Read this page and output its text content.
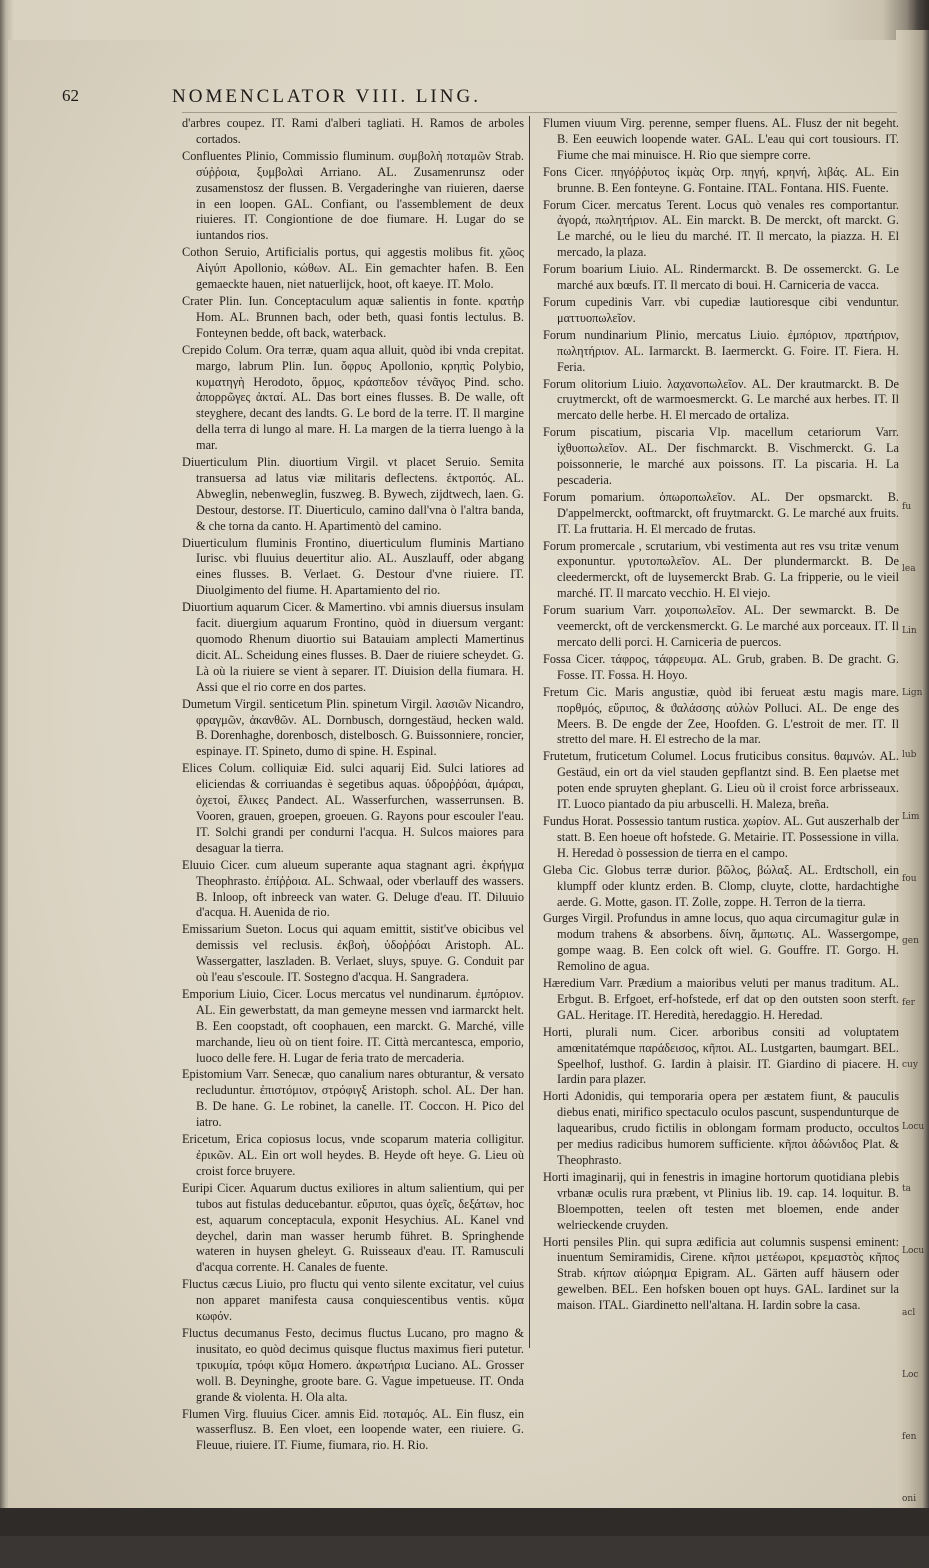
fu
lea
Lin
Lign
lub
Lim
fou
gen
fer
cuy
Locu
ta
Locu
acl
Loc
fen
oni
Loc
62	NOMENCLATOR VIII. LING.

d'arbres coupez. IT. Rami d'alberi tagliati. H. Ramos de arboles cortados.

Confluentes Plinio, Commissio fluminum. συμβολὴ ποταμῶν Strab. σύῤῥοια, ξυμβολαὶ Arriano. AL. Zusamenrunsz oder zusamenstosz der flussen. B. Vergaderinghe van riuieren, daerse in een loopen. GAL. Confiant, ou l'assemblement de deux riuieres. IT. Congiontione de doe fiumare. H. Lugar do se iuntandos rios.

Cothon Seruio, Artificialis portus, qui aggestis molibus fit. χῶος Αἰγύπ Apollonio, κώθων. AL. Ein gemachter hafen. B. Een gemaeckte hauen, niet natuerlijck, hoot, oft kaeye. IT. Molo.

Crater Plin. Iun. Conceptaculum aquæ salientis in fonte. κρατὴρ Hom. AL. Brunnen bach, oder beth, quasi fontis lectulus. B. Fonteynen bedde, oft back, waterback.

Crepido Colum. Ora terræ, quam aqua alluit, quòd ibi vnda crepitat. margo, labrum Plin. Iun. ὄφρυς Apollonio, κρηπὶς Polybio, κυματηγὴ Herodoto, ὅρμος, κράσπεδον τένᾶγος Pind. scho. ἀπορρῶγες ἀκταί. AL. Das bort eines flusses. B. De walle, oft steyghere, decant des landts. G. Le bord de la terre. IT. Il margine della terra di lungo al mare. H. La margen de la tierra luengo à la mar.

Diuerticulum Plin. diuortium Virgil. vt placet Seruio. Semita transuersa ad latus viæ militaris deflectens. ἐκτροπός. AL. Abweglin, nebenweglin, fuszweg. B. Bywech, zijdtwech, laen. G. Destour, destorse. IT. Diuerticulo, camino dall'vna ò l'altra banda, & che torna da canto. H. Apartimentò del camino.

Diuerticulum fluminis Frontino, diuerticulum fluminis Martiano Iurisc. vbi fluuius deuertitur alio. AL. Auszlauff, oder abgang eines flusses. B. Verlaet. G. Destour d'vne riuiere. IT. Diuolgimento del fiume. H. Apartamiento del rio.

Diuortium aquarum Cicer. & Mamertino. vbi amnis diuersus insulam facit. diuergium aquarum Frontino, quòd in diuersum vergant: quomodo Rhenum diuortio sui Batauiam amplecti Mamertinus dicit. AL. Scheidung eines flusses. B. Daer de riuiere scheydet. G. Là où la riuiere se vient à separer. IT. Diuision della fiumara. H. Assi que el rio corre en dos partes.

Dumetum Virgil. senticetum Plin. spinetum Virgil. λασιῶν Nicandro, φραγμῶν, ἀκανθῶν. AL. Dornbusch, dorngestäud, hecken wald. B. Dorenhaghe, dorenbosch, distelbosch. G. Buissonniere, roncier, espinaye. IT. Spineto, dumo di spine. H. Espinal.

Elices Colum. colliquiæ Eid. sulci aquarij Eid. Sulci latiores ad eliciendas & corriuandas è segetibus aquas. ὑδροῤῥόαι, ἀμάραι, ὀχετοί, ἕλικες Pandect. AL. Wasserfurchen, wasserrunsen. B. Vooren, grauen, groepen, groeuen. G. Rayons pour escouler l'eau. IT. Solchi grandi per condurni l'acqua. H. Sulcos maiores para desaguar la tierra.

Eluuio Cicer. cum alueum superante aqua stagnant agri. ἐκρήγμα Theophrasto. ἐπίῤῥοια. AL. Schwaal, oder vberlauff des wassers. B. Inloop, oft inbreeck van water. G. Deluge d'eau. IT. Diluuio d'acqua. H. Auenida de rio.

Emissarium Sueton. Locus qui aquam emittit, sistit've obicibus vel demissis vel reclusis. ἐκβοὴ, ὑδοῤῥόαι Aristoph. AL. Wassergatter, laszladen. B. Verlaet, sluys, spuye. G. Conduit par où l'eau s'escoule. IT. Sostegno d'acqua. H. Sangradera.

Emporium Liuio, Cicer. Locus mercatus vel nundinarum. ἐμπόριον. AL. Ein gewerbstatt, da man gemeyne messen vnd iarmarckt helt. B. Een coopstadt, oft coophauen, een marckt. G. Marché, ville marchande, lieu où on tient foire. IT. Città mercantesca, emporio, luoco delle fere. H. Lugar de feria trato de mercaderia.

Epistomium Varr. Senecæ, quo canalium nares obturantur, & versato recluduntur. ἐπιστόμιον, στρόφιγξ Aristoph. schol. AL. Der han. B. De hane. G. Le robinet, la canelle. IT. Coccon. H. Pico del iatro.

Ericetum, Erica copiosus locus, vnde scoparum materia colligitur. ἐρικῶν. AL. Ein ort woll heydes. B. Heyde oft heye. G. Lieu où croist force bruyere.

Euripi Cicer. Aquarum ductus exiliores in altum salientium, qui per tubos aut fistulas deducebantur. εὔριποι, quas ὀχεῖς, δεξάτων, hoc est, aquarum conceptacula, exponit Hesychius. AL. Kanel vnd deychel, darin man wasser herumb führet. B. Springhende wateren in huysen gheleyt. G. Ruisseaux d'eau. IT. Ramusculi d'acqua corrente. H. Canales de fuente.

Fluctus cæcus Liuio, pro fluctu qui vento silente excitatur, vel cuius non apparet manifesta causa conquiescentibus ventis. κῦμα κωφόν.

Fluctus decumanus Festo, decimus fluctus Lucano, pro magno & inusitato, eo quòd decimus quisque fluctus maximus fieri putetur. τρικυμία, τρόφι κῦμα Homero. ἀκρωτήρια Luciano. AL. Grosser woll. B. Deyninghe, groote bare. G. Vague impetueuse. IT. Onda grande & violenta. H. Ola alta.

Flumen Virg. fluuius Cicer. amnis Eid. ποταμός. AL. Ein flusz, ein wasserflusz. B. Een vloet, een loopende water, een riuiere. G. Fleuue, riuiere. IT. Fiume, fiumara, rio. H. Rio.

Flumen viuum Virg. perenne, semper fluens. AL. Flusz der nit begeht. B. Een eeuwich loopende water. GAL. L'eau qui cort tousiours. IT. Fiume che mai minuisce. H. Rio que siempre corre.

Fons Cicer. πηγόῤῥυτος ἰκμὰς Orp. πηγή, κρηνή, λιβάς. AL. Ein brunne. B. Een fonteyne. G. Fontaine. ITAL. Fontana. HIS. Fuente.

Forum Cicer. mercatus Terent. Locus quò venales res comportantur. ἀγορά, πωλητήριον. AL. Ein marckt. B. De merckt, oft marckt. G. Le marché, ou le lieu du marché. IT. Il mercato, la piazza. H. El mercado, la plaza.

Forum boarium Liuio. AL. Rindermarckt. B. De ossemerckt. G. Le marché aux bœufs. IT. Il mercato di boui. H. Carniceria de vacca.

Forum cupedinis Varr. vbi cupediæ lautioresque cibi venduntur. ματτυοπωλεῖον.

Forum nundinarium Plinio, mercatus Liuio. ἐμπόριον, πρατήριον, πωλητήριον. AL. Iarmarckt. B. Iaermerckt. G. Foire. IT. Fiera. H. Feria.

Forum olitorium Liuio. λαχανοπωλεῖον. AL. Der krautmarckt. B. De cruytmerckt, oft de warmoesmerckt. G. Le marché aux herbes. IT. Il mercato delle herbe. H. El mercado de ortaliza.

Forum piscatium, piscaria Vlp. macellum cetariorum Varr. ἰχθυοπωλεῖον. AL. Der fischmarckt. B. Vischmerckt. G. La poissonnerie, le marché aux poissons. IT. La piscaria. H. La pescaderia.

Forum pomarium. ὀπωροπωλεῖον. AL. Der opsmarckt. B. D'appelmerckt, ooftmarckt, oft fruytmarckt. G. Le marché aux fruits. IT. La fruttaria. H. El mercado de frutas.

Forum promercale , scrutarium, vbi vestimenta aut res vsu tritæ venum exponuntur. γρυτοπωλεῖον. AL. Der plundermarckt. B. De cleedermerckt, oft de luysemerckt Brab. G. La fripperie, ou le vieil marché. IT. Il marcato vecchio. H. El viejo.

Forum suarium Varr. χοιροπωλεῖον. AL. Der sewmarckt. B. De veemerckt, oft de verckensmerckt. G. Le marché aux porceaux. IT. Il mercato delli porci. H. Carniceria de puercos.

Fossa Cicer. τάφρος, τάφρευμα. AL. Grub, graben. B. De gracht. G. Fosse. IT. Fossa. H. Hoyo.

Fretum Cic. Maris angustiæ, quòd ibi ferueat æstu magis mare. πορθμός, εὔριπος, & ϑαλάσσης αὐλὼν Polluci. AL. De enge des Meers. B. De engde der Zee, Hoofden. G. L'estroit de mer. IT. Il stretto del mare. H. El estrecho de la mar.

Frutetum, fruticetum Columel. Locus fruticibus consitus. θαμνών. AL. Gestäud, ein ort da viel stauden gepflantzt sind. B. Een plaetse met poten ende spruyten gheplant. G. Lieu où il croist force arbrisseaux. IT. Luoco piantado da piu arbuscelli. H. Maleza, breña.

Fundus Horat. Possessio tantum rustica. χωρίον. AL. Gut auszerhalb der statt. B. Een hoeue oft hofstede. G. Metairie. IT. Possessione in villa. H. Heredad ò possession de tierra en el campo.

Gleba Cic. Globus terræ durior. βῶλος, βώλαξ. AL. Erdtscholl, ein klumpff oder kluntz erden. B. Clomp, cluyte, clotte, hardachtighe aerde. G. Motte, gason. IT. Zolle, zoppe. H. Terron de la tierra.

Gurges Virgil. Profundus in amne locus, quo aqua circumagitur gulæ in modum trahens & absorbens. δίνη, ἄμπωτις. AL. Wassergompe, gompe waag. B. Een colck oft wiel. G. Gouffre. IT. Gorgo. H. Remolino de agua.

Hæredium Varr. Prædium a maioribus veluti per manus traditum. AL. Erbgut. B. Erfgoet, erf-hofstede, erf dat op den outsten soon sterft. GAL. Heritage. IT. Heredità, heredaggio. H. Heredad.

Horti, plurali num. Cicer. arboribus consiti ad voluptatem amœnitatémque παράδεισος, κῆποι. AL. Lustgarten, baumgart. BEL. Speelhof, lusthof. G. Iardin à plaisir. IT. Giardino di piacere. H. Iardin para plazer.

Horti Adonidis, qui temporaria opera per æstatem fiunt, & pauculis diebus enati, mirifico spectaculo oculos pascunt, suspendunturque de laquearibus, crudo fictilis in oblongam formam producto, occultos per medius radicibus humorem sufficiente. κῆποι ἀδώνιδος Plat. & Theophrasto.

Horti imaginarij, qui in fenestris in imagine hortorum quotidiana plebis vrbanæ oculis rura præbent, vt Plinius lib. 19. cap. 14. loquitur. B. Bloempotten, teelen oft testen met bloemen, ende ander welrieckende cruyden.

Horti pensiles Plin. qui supra ædificia aut columnis suspensi eminent: inuentum Semiramidis, Cirene. κῆποι μετέωροι, κρεμαστὸς κῆπος Strab. κήπων αἰώρημα Epigram. AL. Gärten auff häusern oder gewelben. BEL. Een hofsken bouen opt huys. GAL. Iardinet sur la maison. ITAL. Giardinetto nell'altana. H. Iardin sobre la casa.
